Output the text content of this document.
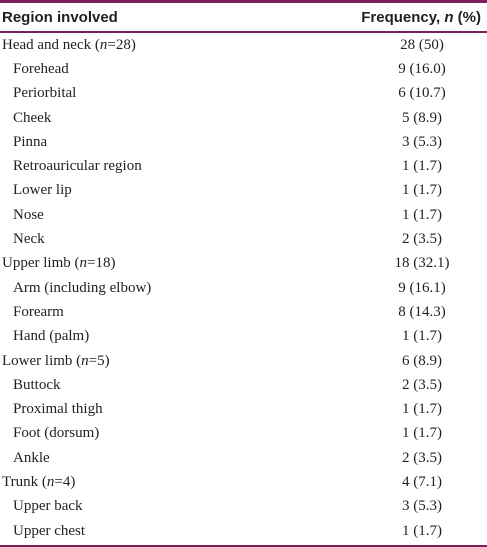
Region involved	Frequency, n (%)
Head and neck (n=28)	28 (50)
Forehead	9 (16.0)
Periorbital	6 (10.7)
Cheek	5 (8.9)
Pinna	3 (5.3)
Retroauricular region	1 (1.7)
Lower lip	1 (1.7)
Nose	1 (1.7)
Neck	2 (3.5)
Upper limb (n=18)	18 (32.1)
Arm (including elbow)	9 (16.1)
Forearm	8 (14.3)
Hand (palm)	1 (1.7)
Lower limb (n=5)	6 (8.9)
Buttock	2 (3.5)
Proximal thigh	1 (1.7)
Foot (dorsum)	1 (1.7)
Ankle	2 (3.5)
Trunk (n=4)	4 (7.1)
Upper back	3 (5.3)
Upper chest	1 (1.7)
